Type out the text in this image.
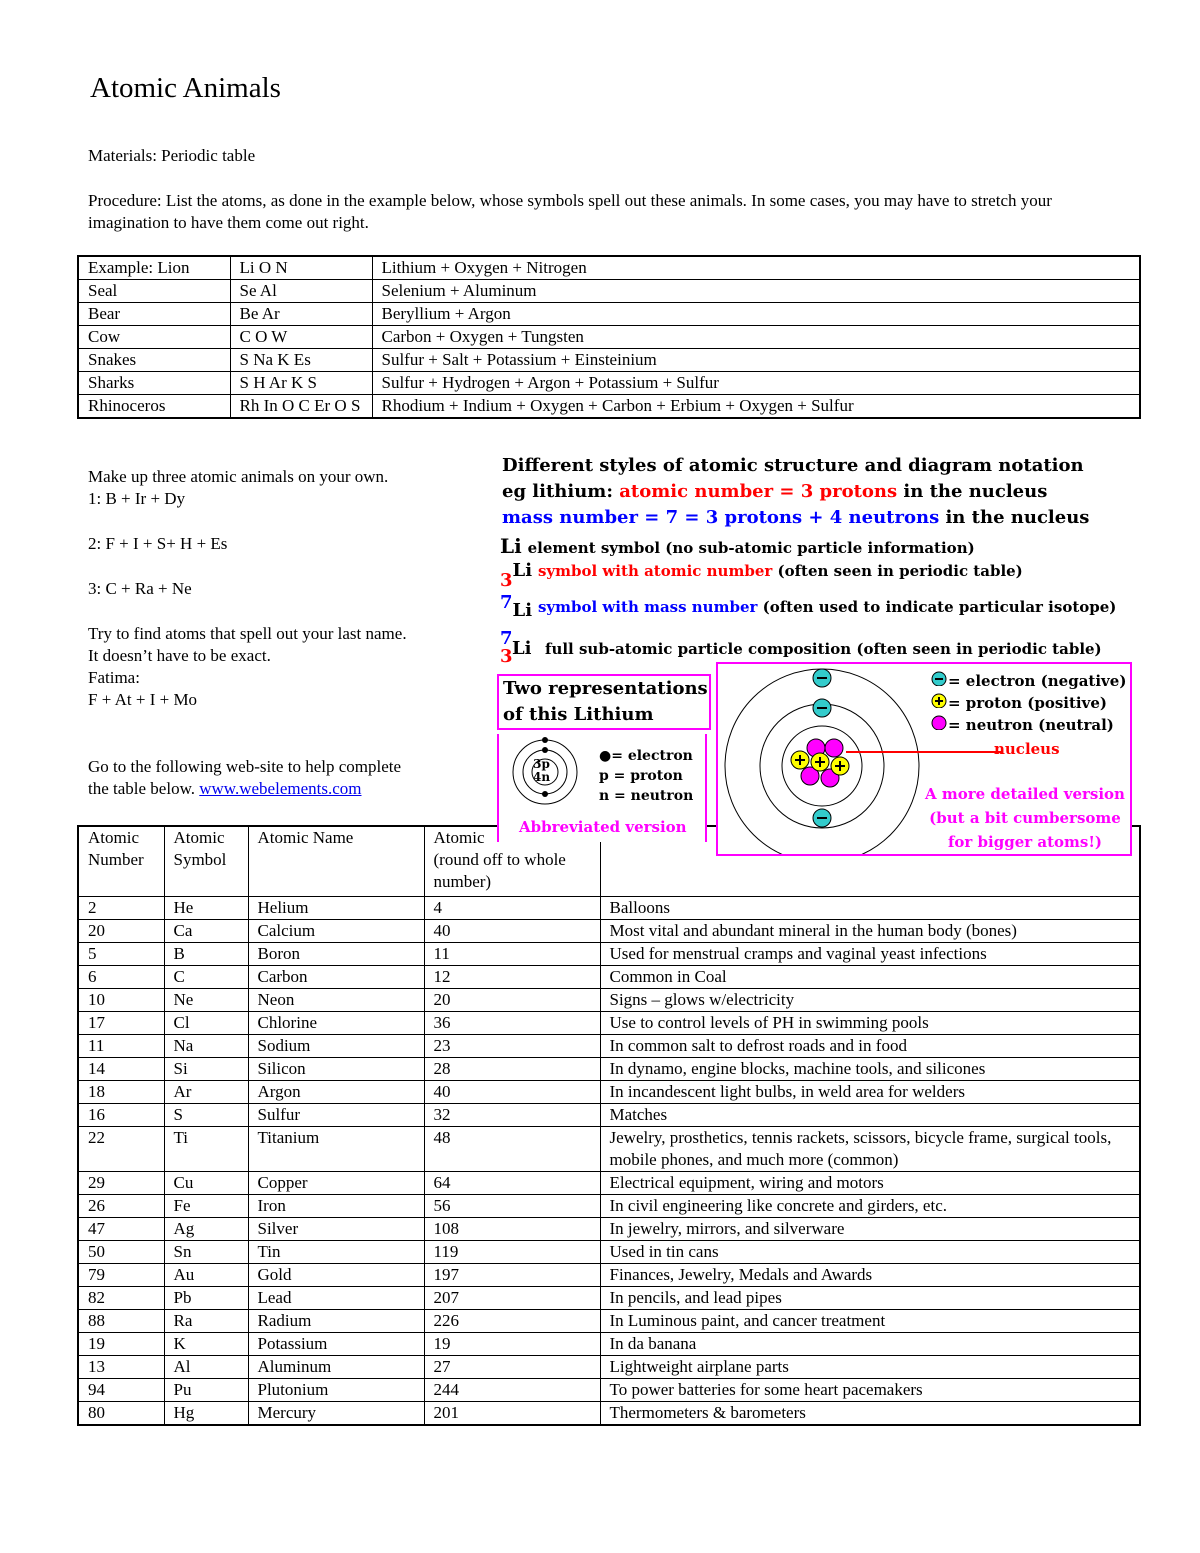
Atomic Animals
Materials: Periodic table
Procedure: List the atoms, as done in the example below, whose symbols spell out these animals. In some cases, you may have to stretch your imagination to have them come out right.
Example: Lion	Li O N	Lithium + Oxygen + Nitrogen
Seal	Se Al	Selenium + Aluminum
Bear	Be Ar	Beryllium + Argon
Cow	C O W	Carbon + Oxygen + Tungsten
Snakes	S Na K Es	Sulfur + Salt + Potassium + Einsteinium
Sharks	S H Ar K S	Sulfur + Hydrogen + Argon + Potassium + Sulfur
Rhinoceros	Rh In O C Er O S	Rhodium + Indium + Oxygen + Carbon + Erbium + Oxygen + Sulfur
Make up three atomic animals on your own.
1: B + Ir + Dy
2: F + I + S+ H + Es
3: C + Ra + Ne
Try to find atoms that spell out your last name.
It doesn’t have to be exact.
Fatima:
F + At + I + Mo
Go to the following web-site to help complete
the table below. www.webelements.com
Atomic Number	Atomic Symbol	Atomic Name	Atomic
(round off to whole number)	

2	He	Helium	4	Balloons
20	Ca	Calcium	40	Most vital and abundant mineral in the human body (bones)
5	B	Boron	11	Used for menstrual cramps and vaginal yeast infections
6	C	Carbon	12	Common in Coal
10	Ne	Neon	20	Signs – glows w/electricity
17	Cl	Chlorine	36	Use to control levels of PH in swimming pools
11	Na	Sodium	23	In common salt to defrost roads and in food
14	Si	Silicon	28	In dynamo, engine blocks, machine tools, and silicones
18	Ar	Argon	40	In incandescent light bulbs, in weld area for welders
16	S	Sulfur	32	Matches
22	Ti	Titanium	48	Jewelry, prosthetics, tennis rackets, scissors, bicycle frame, surgical tools, mobile phones, and much more (common)
29	Cu	Copper	64	Electrical equipment, wiring and motors
26	Fe	Iron	56	In civil engineering like concrete and girders, etc.
47	Ag	Silver	108	In jewelry, mirrors, and silverware
50	Sn	Tin	119	Used in tin cans
79	Au	Gold	197	Finances, Jewelry, Medals and Awards
82	Pb	Lead	207	In pencils, and lead pipes
88	Ra	Radium	226	In Luminous paint, and cancer treatment
19	K	Potassium	19	In da banana
13	Al	Aluminum	27	Lightweight airplane parts
94	Pu	Plutonium	244	To power batteries for some heart pacemakers
80	Hg	Mercury	201	Thermometers & barometers
Different styles of atomic structure and diagram notation
eg lithium: atomic number = 3 protons in the nucleus
mass number = 7 = 3 protons + 4 neutrons in the nucleus
Li element symbol (no sub-atomic particle information)
3Li symbol with atomic number (often seen in periodic table)
7Li symbol with mass number (often used to indicate particular isotope)
7
3 Li full sub-atomic particle composition (often seen in periodic table)
Two representations
of this Lithium
3p
4n
●= electron
p = proton
n = neutron
Abbreviated version
= electron (negative)
= proton (positive)
= neutron (neutral)
nucleus
A more detailed version
(but a bit cumbersome
for bigger atoms!)
